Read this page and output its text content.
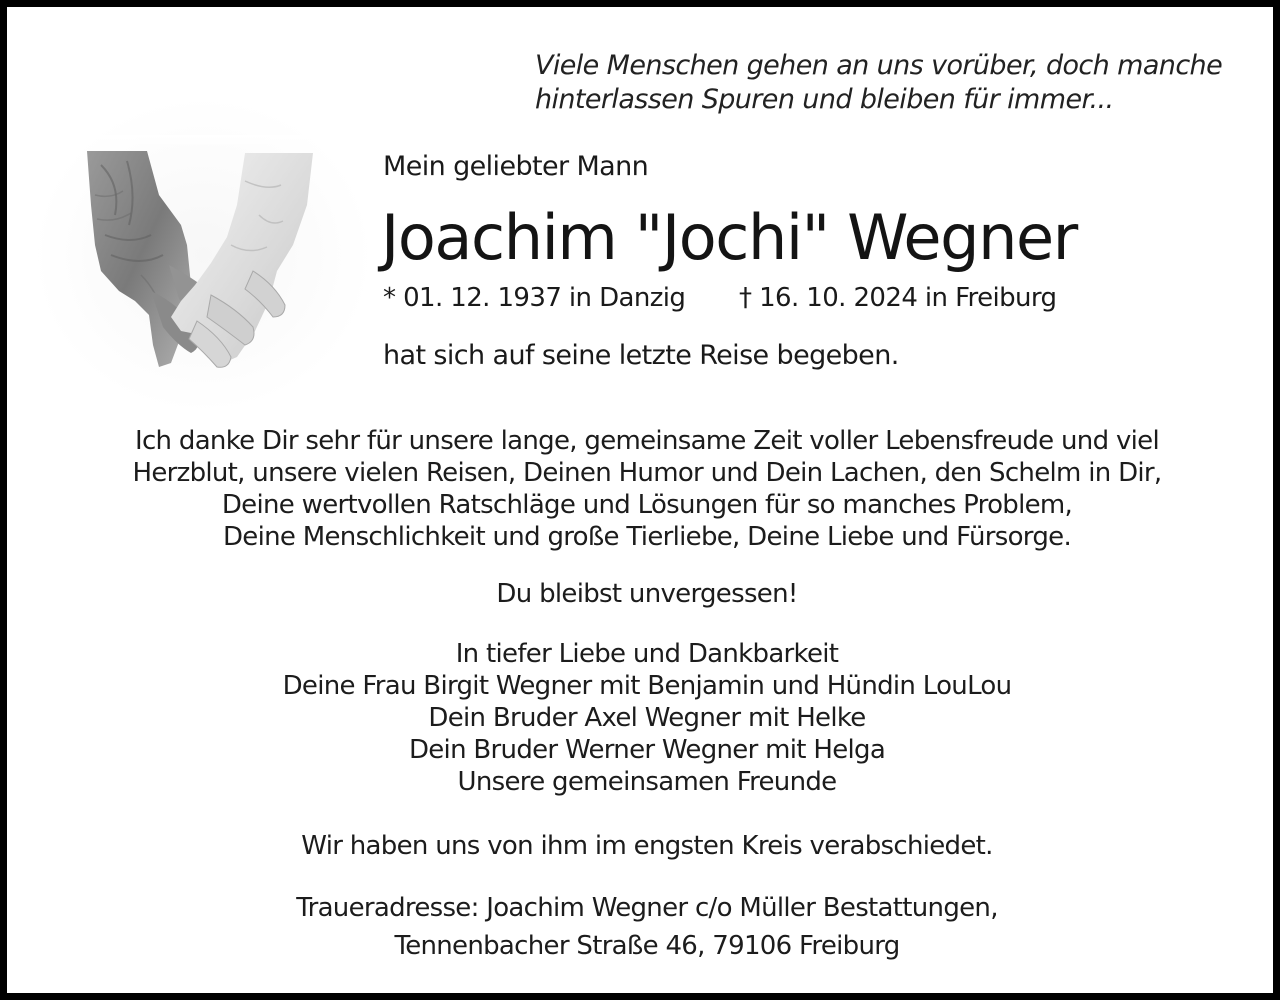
Viele Menschen gehen an uns vorüber, doch manche
hinterlassen Spuren und bleiben für immer...
Mein geliebter Mann
Joachim "Jochi" Wegner
* 01. 12. 1937 in Danzig † 16. 10. 2024 in Freiburg
hat sich auf seine letzte Reise begeben.
Ich danke Dir sehr für unsere lange, gemeinsame Zeit voller Lebensfreude und viel
Herzblut, unsere vielen Reisen, Deinen Humor und Dein Lachen, den Schelm in Dir,
Deine wertvollen Ratschläge und Lösungen für so manches Problem,
Deine Menschlichkeit und große Tierliebe, Deine Liebe und Fürsorge.
Du bleibst unvergessen!
In tiefer Liebe und Dankbarkeit
Deine Frau Birgit Wegner mit Benjamin und Hündin LouLou
Dein Bruder Axel Wegner mit Helke
Dein Bruder Werner Wegner mit Helga
Unsere gemeinsamen Freunde
Wir haben uns von ihm im engsten Kreis verabschiedet.
Traueradresse: Joachim Wegner c/o Müller Bestattungen,
Tennenbacher Straße 46, 79106 Freiburg
